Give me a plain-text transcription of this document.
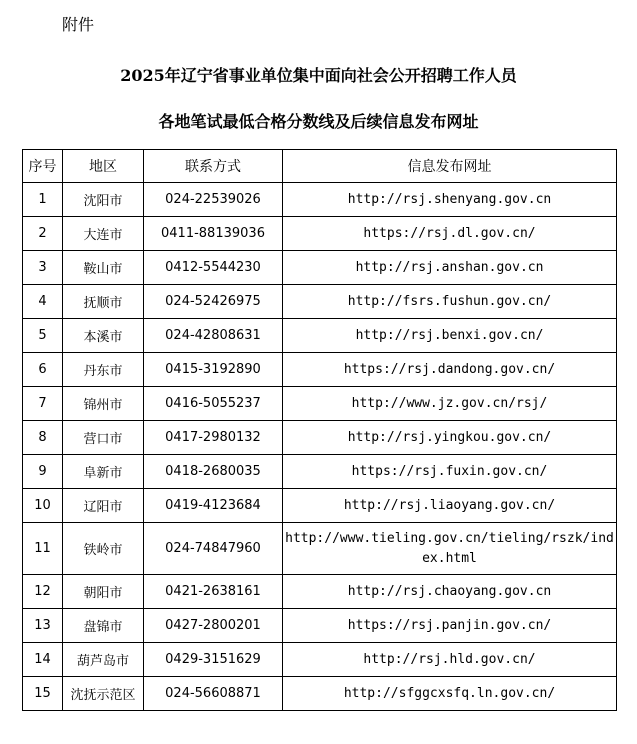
附件
2025年辽宁省事业单位集中面向社会公开招聘工作人员
各地笔试最低合格分数线及后续信息发布网址
序号	地区	联系方式	信息发布网址
1	沈阳市	024-22539026	http://rsj.shenyang.gov.cn
2	大连市	0411-88139036	https://rsj.dl.gov.cn/
3	鞍山市	0412-5544230	http://rsj.anshan.gov.cn
4	抚顺市	024-52426975	http://fsrs.fushun.gov.cn/
5	本溪市	024-42808631	http://rsj.benxi.gov.cn/
6	丹东市	0415-3192890	https://rsj.dandong.gov.cn/
7	锦州市	0416-5055237	http://www.jz.gov.cn/rsj/
8	营口市	0417-2980132	http://rsj.yingkou.gov.cn/
9	阜新市	0418-2680035	https://rsj.fuxin.gov.cn/
10	辽阳市	0419-4123684	http://rsj.liaoyang.gov.cn/
11	铁岭市	024-74847960	http://www.tieling.gov.cn/tieling/rszk/index.html
12	朝阳市	0421-2638161	http://rsj.chaoyang.gov.cn
13	盘锦市	0427-2800201	https://rsj.panjin.gov.cn/
14	葫芦岛市	0429-3151629	http://rsj.hld.gov.cn/
15	沈抚示范区	024-56608871	http://sfggcxsfq.ln.gov.cn/
